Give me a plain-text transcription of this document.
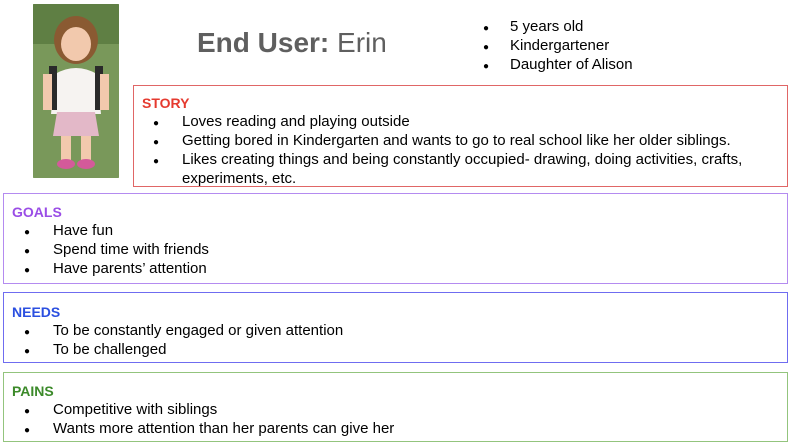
End User: Erin
● 5 years old
● Kindergartener
● Daughter of Alison
STORY
● Loves reading and playing outside
● Getting bored in Kindergarten and wants to go to real school like her older siblings.
● Likes creating things and being constantly occupied- drawing, doing activities, crafts, experiments, etc.
GOALS
● Have fun
● Spend time with friends
● Have parents’ attention
NEEDS
● To be constantly engaged or given attention
● To be challenged
PAINS
● Competitive with siblings
● Wants more attention than her parents can give her
